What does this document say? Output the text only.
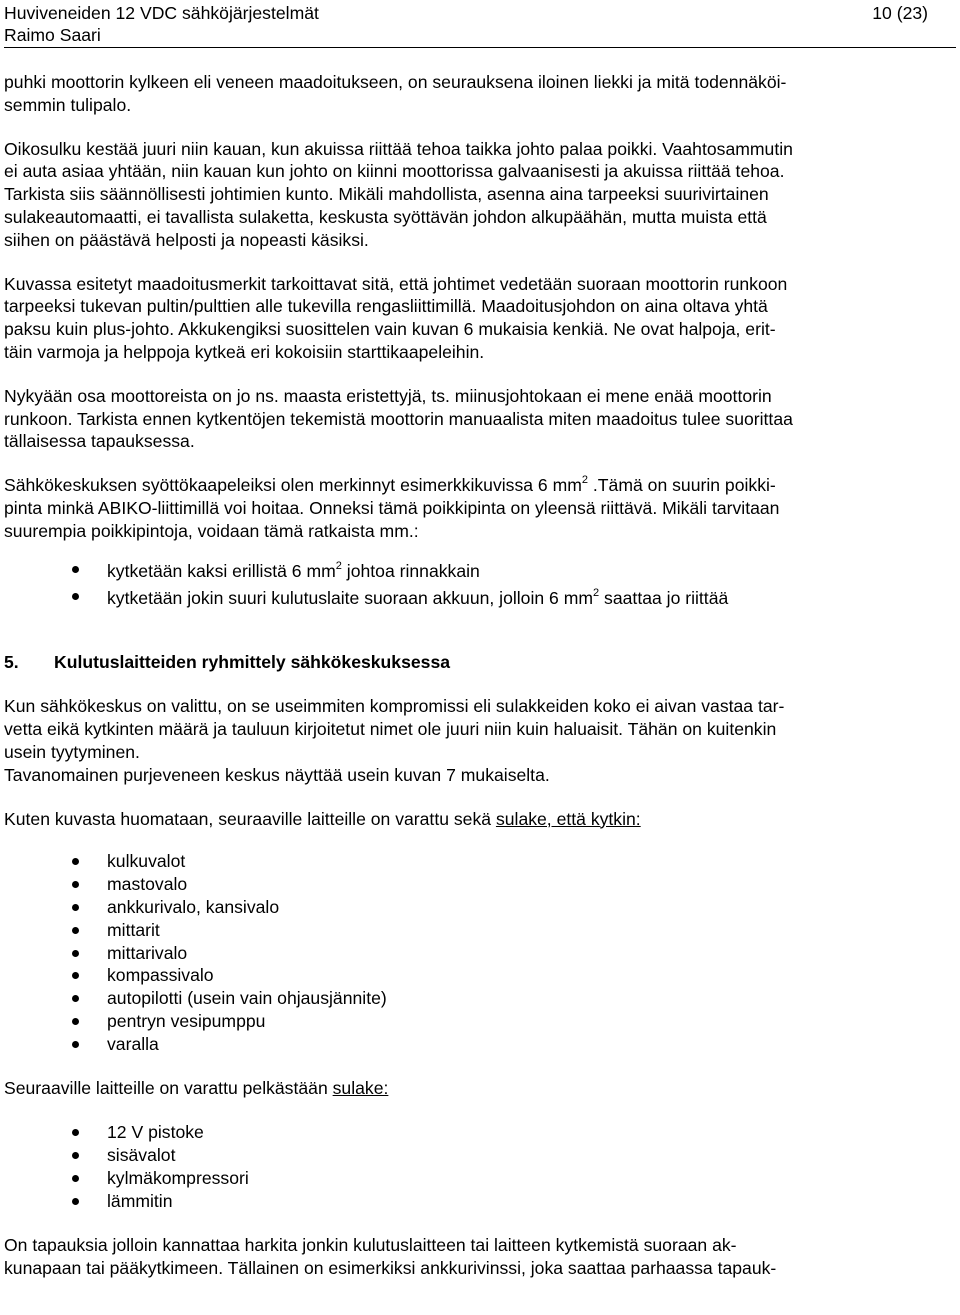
Huviveneiden 12 VDC sähköjärjestelmät	10 (23)
Raimo Saari

puhki moottorin kylkeen eli veneen maadoitukseen, on seurauksena iloinen liekki ja mitä todennäköi-
semmin tulipalo.

Oikosulku kestää juuri niin kauan, kun akuissa riittää tehoa taikka johto palaa poikki. Vaahtosammutin
ei auta asiaa yhtään, niin kauan kun johto on kiinni moottorissa galvaanisesti ja akuissa riittää tehoa.
Tarkista siis säännöllisesti johtimien kunto. Mikäli mahdollista, asenna aina tarpeeksi suurivirtainen
sulakeautomaatti, ei tavallista sulaketta, keskusta syöttävän johdon alkupäähän, mutta muista että
siihen on päästävä helposti ja nopeasti käsiksi.

Kuvassa esitetyt maadoitusmerkit tarkoittavat sitä, että johtimet vedetään suoraan moottorin runkoon
tarpeeksi tukevan pultin/pulttien alle tukevilla rengasliittimillä. Maadoitusjohdon on aina oltava yhtä
paksu kuin plus-johto. Akkukengiksi suosittelen vain kuvan 6 mukaisia kenkiä. Ne ovat halpoja, erit-
täin varmoja ja helppoja kytkeä eri kokoisiin starttikaapeleihin.

Nykyään osa moottoreista on jo ns. maasta eristettyjä, ts. miinusjohtokaan ei mene enää moottorin
runkoon. Tarkista ennen kytkentöjen tekemistä moottorin manuaalista miten maadoitus tulee suorittaa
tällaisessa tapauksessa.

Sähkökeskuksen syöttökaapeleiksi olen merkinnyt esimerkkikuvissa 6 $mm^2$ .Tämä on suurin poikki-
pinta minkä ABIKO-liittimillä voi hoitaa. Onneksi tämä poikkipinta on yleensä riittävä. Mikäli tarvitaan
suurempia poikkipintoja, voidaan tämä ratkaista mm.:

kytketään kaksi erillistä 6 $mm^2$ johtoa rinnakkain
kytketään jokin suuri kulutuslaite suoraan akkuun, jolloin 6 $mm^2$ saattaa jo riittää
5.	Kulutuslaitteiden ryhmittely sähkökeskuksessa

Kun sähkökeskus on valittu, on se useimmiten kompromissi eli sulakkeiden koko ei aivan vastaa tar-
vetta eikä kytkinten määrä ja tauluun kirjoitetut nimet ole juuri niin kuin haluaisit. Tähän on kuitenkin
usein tyytyminen.
Tavanomainen purjeveneen keskus näyttää usein kuvan 7 mukaiselta.

Kuten kuvasta huomataan, seuraaville laitteille on varattu sekä sulake, että kytkin:

kulkuvalot
mastovalo
ankkurivalo, kansivalo
mittarit
mittarivalo
kompassivalo
autopilotti (usein vain ohjausjännite)
pentryn vesipumppu
varalla

Seuraaville laitteille on varattu pelkästään sulake:

12 V pistoke
sisävalot
kylmäkompressori
lämmitin

On tapauksia jolloin kannattaa harkita jonkin kulutuslaitteen tai laitteen kytkemistä suoraan ak-
kunapaan tai pääkytkimeen. Tällainen on esimerkiksi ankkurivinssi, joka saattaa parhaassa tapauk-
